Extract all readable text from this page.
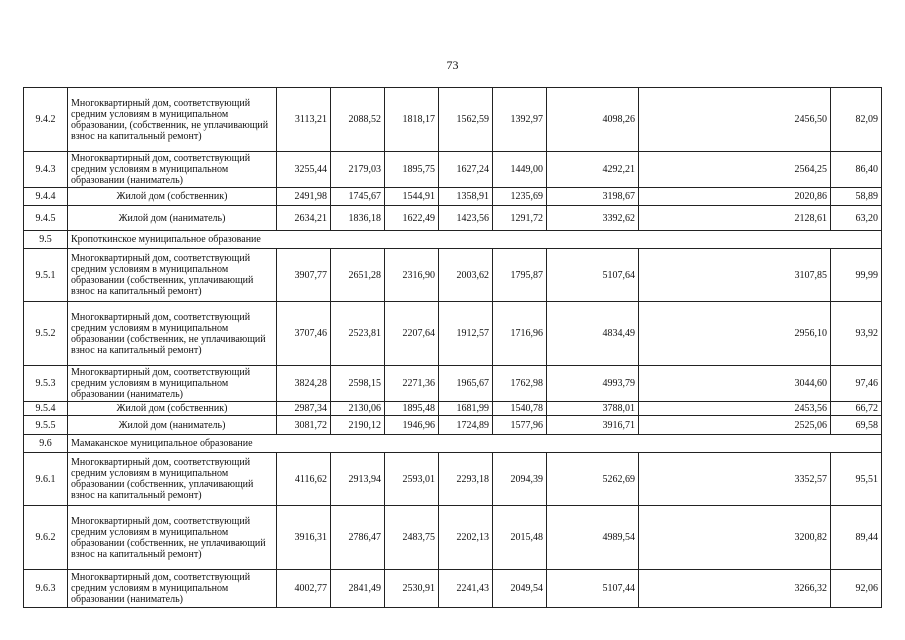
73
9.4.2	Многоквартирный дом, соответствующий средним условиям в муниципальном образовании, (собственник, не уплачивающий взнос на капитальный ремонт)	3113,21	2088,52	1818,17	1562,59	1392,97	4098,26	2456,50	82,09
9.4.3	Многоквартирный дом, соответствующий средним условиям в муниципальном образовании (наниматель)	3255,44	2179,03	1895,75	1627,24	1449,00	4292,21	2564,25	86,40
9.4.4	Жилой дом (собственник)	2491,98	1745,67	1544,91	1358,91	1235,69	3198,67	2020,86	58,89
9.4.5	Жилой дом (наниматель)	2634,21	1836,18	1622,49	1423,56	1291,72	3392,62	2128,61	63,20
9.5	Кропоткинское муниципальное образование								
9.5.1	Многоквартирный дом, соответствующий средним условиям в муниципальном образовании (собственник, уплачивающий взнос на капитальный ремонт)	3907,77	2651,28	2316,90	2003,62	1795,87	5107,64	3107,85	99,99
9.5.2	Многоквартирный дом, соответствующий средним условиям в муниципальном образовании (собственник, не уплачивающий взнос на капитальный ремонт)	3707,46	2523,81	2207,64	1912,57	1716,96	4834,49	2956,10	93,92
9.5.3	Многоквартирный дом, соответствующий средним условиям в муниципальном образовании (наниматель)	3824,28	2598,15	2271,36	1965,67	1762,98	4993,79	3044,60	97,46
9.5.4	Жилой дом (собственник)	2987,34	2130,06	1895,48	1681,99	1540,78	3788,01	2453,56	66,72
9.5.5	Жилой дом (наниматель)	3081,72	2190,12	1946,96	1724,89	1577,96	3916,71	2525,06	69,58
9.6	Мамаканское муниципальное образование								
9.6.1	Многоквартирный дом, соответствующий средним условиям в муниципальном образовании (собственник, уплачивающий взнос на капитальный ремонт)	4116,62	2913,94	2593,01	2293,18	2094,39	5262,69	3352,57	95,51
9.6.2	Многоквартирный дом, соответствующий средним условиям в муниципальном образовании (собственник, не уплачивающий взнос на капитальный ремонт)	3916,31	2786,47	2483,75	2202,13	2015,48	4989,54	3200,82	89,44
9.6.3	Многоквартирный дом, соответствующий средним условиям в муниципальном образовании (наниматель)	4002,77	2841,49	2530,91	2241,43	2049,54	5107,44	3266,32	92,06
